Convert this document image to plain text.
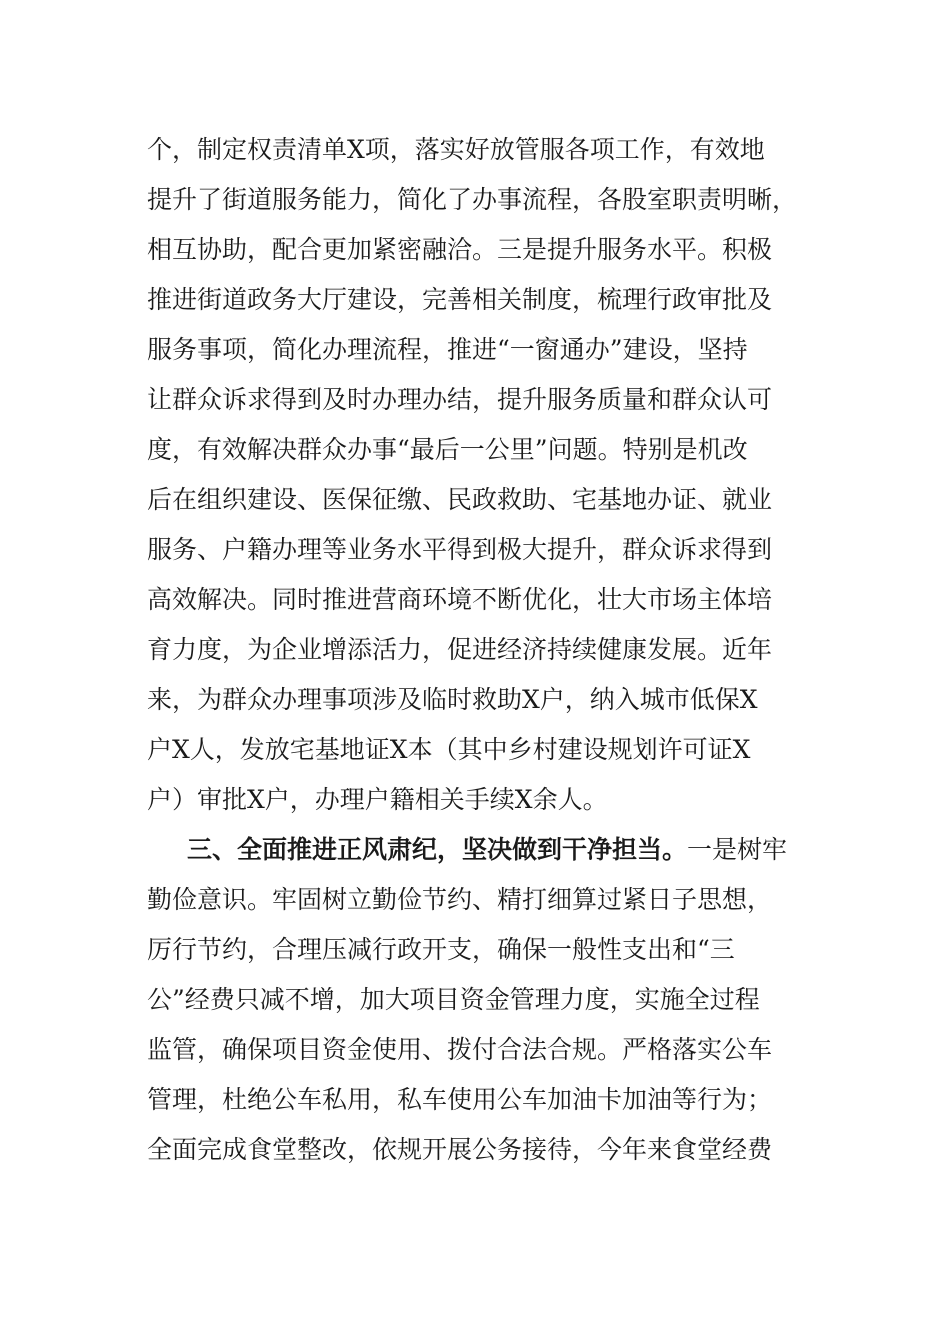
个，制定权责清单X项，落实好放管服各项工作，有效地
提升了街道服务能力，简化了办事流程，各股室职责明晰，
相互协助，配合更加紧密融洽。三是提升服务水平。积极
推进街道政务大厅建设，完善相关制度，梳理行政审批及
服务事项，简化办理流程，推进“一窗通办”建设，坚持
让群众诉求得到及时办理办结，提升服务质量和群众认可
度，有效解决群众办事“最后一公里”问题。特别是机改
后在组织建设、医保征缴、民政救助、宅基地办证、就业
服务、户籍办理等业务水平得到极大提升，群众诉求得到
高效解决。同时推进营商环境不断优化，壮大市场主体培
育力度，为企业增添活力，促进经济持续健康发展。近年
来，为群众办理事项涉及临时救助X户，纳入城市低保X
户X人，发放宅基地证X本（其中乡村建设规划许可证X
户）审批X户，办理户籍相关手续X余人。
三、全面推进正风肃纪，坚决做到干净担当。一是树牢
勤俭意识。牢固树立勤俭节约、精打细算过紧日子思想，
厉行节约，合理压减行政开支，确保一般性支出和“三
公”经费只减不增，加大项目资金管理力度，实施全过程
监管，确保项目资金使用、拨付合法合规。严格落实公车
管理，杜绝公车私用，私车使用公车加油卡加油等行为；
全面完成食堂整改，依规开展公务接待，今年来食堂经费
